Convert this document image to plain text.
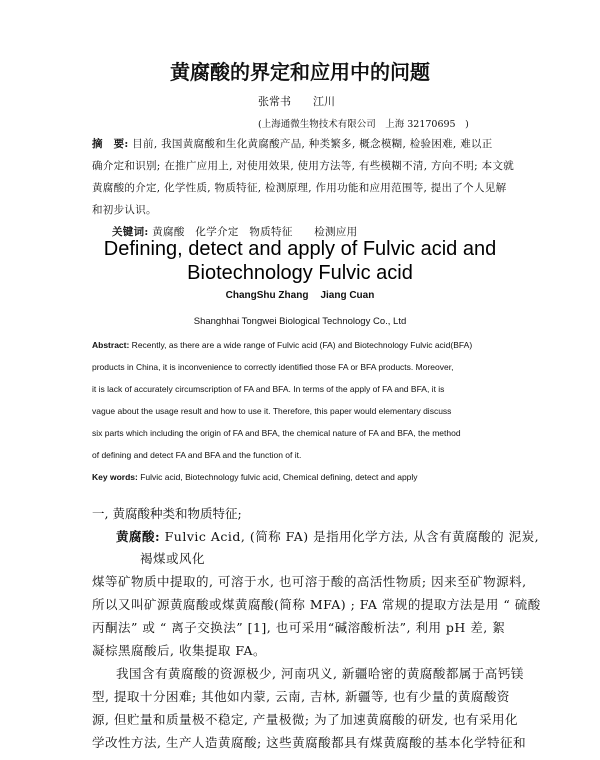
黄腐酸的界定和应用中的问题
张常书 江川
(上海通微生物技术有限公司　上海 32170695　)
摘　要: 目前, 我国黄腐酸和生化黄腐酸产品, 种类繁多, 概念模糊, 检验困难, 难以正
确介定和识别; 在推广应用上, 对使用效果, 使用方法等, 有些模糊不清, 方向不明; 本文就
黄腐酸的介定, 化学性质, 物质特征, 检测原理, 作用功能和应用范围等, 提出了个人见解
和初步认识。
关键词: 黄腐酸　化学介定　物质特征　　检测应用
Defining, detect and apply of Fulvic acid and
Biotechnology Fulvic acid
ChangShu Zhang Jiang Cuan
Shanghhai Tongwei Biological Technology Co., Ltd
Abstract: Recently, as there are a wide range of Fulvic acid (FA) and Biotechnology Fulvic acid(BFA)
products in China, it is inconvenience to correctly identified those FA or BFA products. Moreover,
it is lack of accurately circumscription of FA and BFA. In terms of the apply of FA and BFA, it is
vague about the usage result and how to use it. Therefore, this paper would elementary discuss
six parts which including the origin of FA and BFA, the chemical nature of FA and BFA, the method
of defining and detect FA and BFA and the function of it.
Key words: Fulvic acid, Biotechnology fulvic acid, Chemical defining, detect and apply
一, 黄腐酸种类和物质特征;
黄腐酸: Fulvic Acid, (简称 FA) 是指用化学方法, 从含有黄腐酸的 泥炭,
褐煤或风化
煤等矿物质中提取的, 可溶于水, 也可溶于酸的高活性物质; 因来至矿物源料,
所以又叫矿源黄腐酸或煤黄腐酸(简称 MFA) ; FA 常规的提取方法是用 “ 硫酸
丙酮法” 或 “ 离子交换法” [1], 也可采用“碱溶酸析法”, 利用 pH 差, 絮
凝棕黑腐酸后, 收集提取 FA。
我国含有黄腐酸的资源极少, 河南巩义, 新疆哈密的黄腐酸都属于高钙镁
型, 提取十分困难; 其他如内蒙, 云南, 吉林, 新疆等, 也有少量的黄腐酸资
源, 但贮量和质量极不稳定, 产量极微; 为了加速黄腐酸的研发, 也有采用化
学改性方法, 生产人造黄腐酸; 这些黄腐酸都具有煤黄腐酸的基本化学特征和
